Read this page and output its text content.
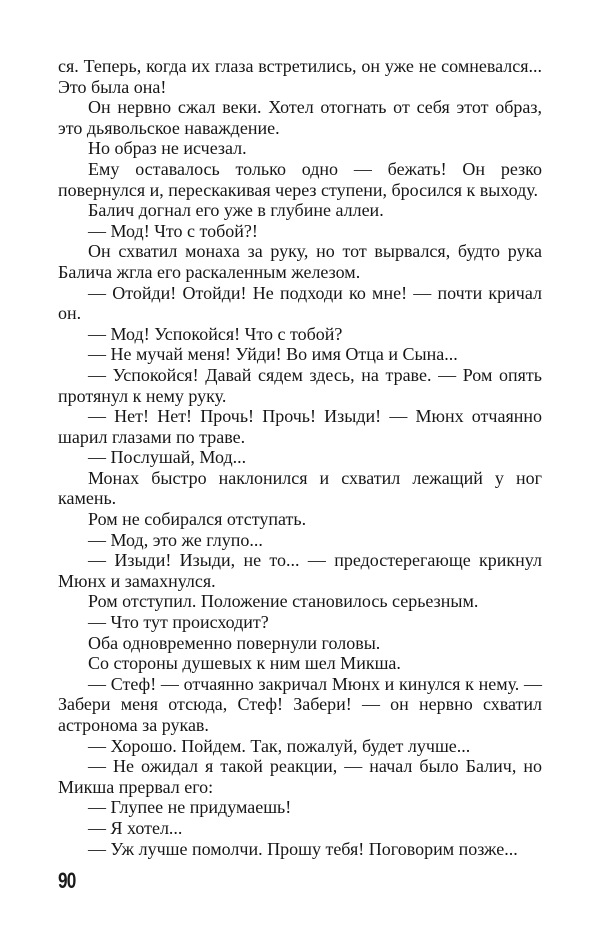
ся. Теперь, когда их глаза встретились, он уже не сомневался... Это была она!

Он нервно сжал веки. Хотел отогнать от себя этот образ, это дьявольское наваждение.

Но образ не исчезал.

Ему оставалось только одно — бежать! Он резко повернулся и, перескакивая через ступени, бросился к выходу.

Балич догнал его уже в глубине аллеи.

— Мод! Что с тобой?!

Он схватил монаха за руку, но тот вырвался, будто рука Балича жгла его раскаленным железом.

— Отойди! Отойди! Не подходи ко мне! — почти кричал он.

— Мод! Успокойся! Что с тобой?

— Не мучай меня! Уйди! Во имя Отца и Сына...

— Успокойся! Давай сядем здесь, на траве. — Ром опять протянул к нему руку.

— Нет! Нет! Прочь! Прочь! Изыди! — Мюнх отчаянно шарил глазами по траве.

— Послушай, Мод...

Монах быстро наклонился и схватил лежащий у ног камень.

Ром не собирался отступать.

— Мод, это же глупо...

— Изыди! Изыди, не то... — предостерегающе крикнул Мюнх и замахнулся.

Ром отступил. Положение становилось серьезным.

— Что тут происходит?

Оба одновременно повернули головы.

Со стороны душевых к ним шел Микша.

— Стеф! — отчаянно закричал Мюнх и кинулся к нему. — Забери меня отсюда, Стеф! Забери! — он нервно схватил астронома за рукав.

— Хорошо. Пойдем. Так, пожалуй, будет лучше...

— Не ожидал я такой реакции, — начал было Балич, но Микша прервал его:

— Глупее не придумаешь!

— Я хотел...

— Уж лучше помолчи. Прошу тебя! Поговорим позже...

90
